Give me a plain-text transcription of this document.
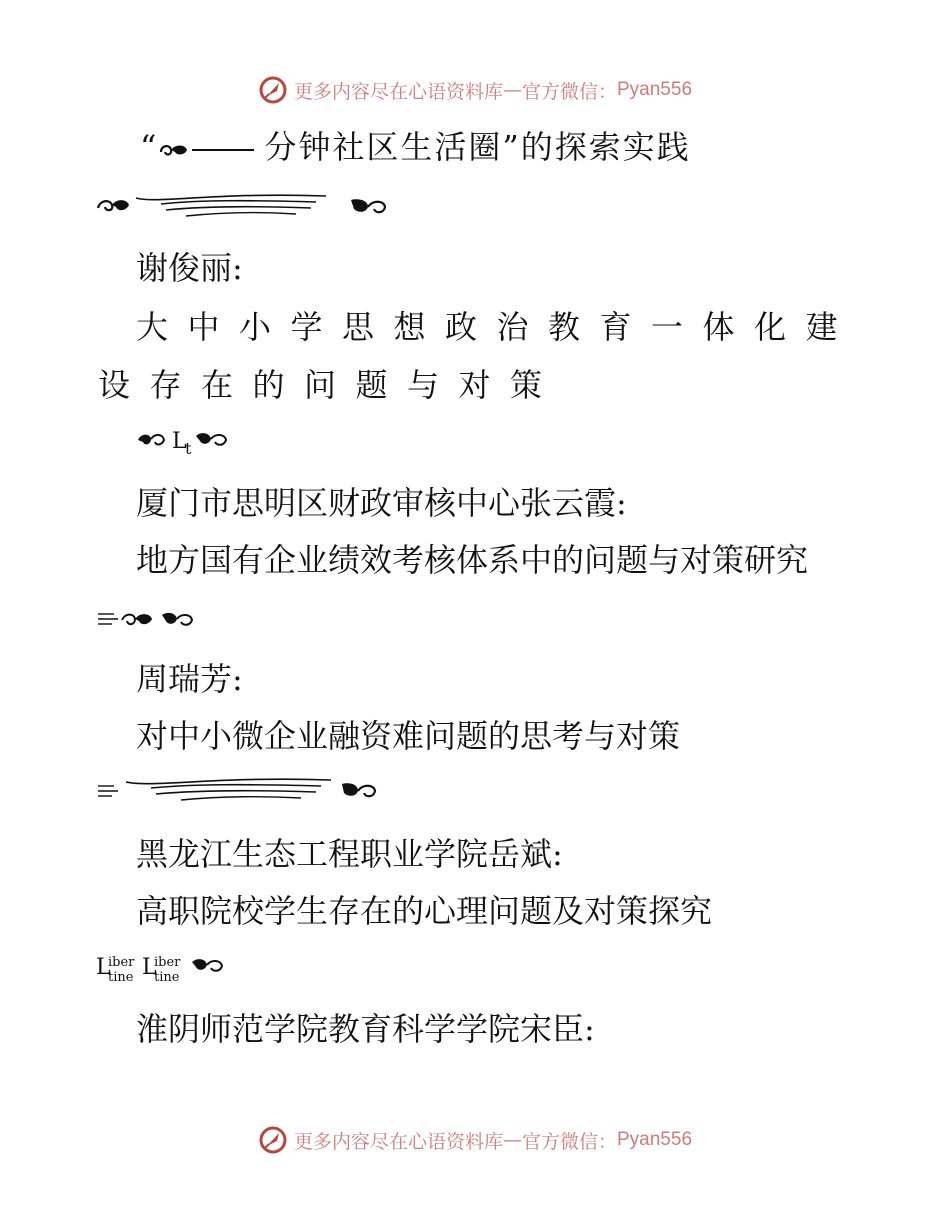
更多内容尽在心语资料库 — 官方微信： Pyan556
“	分钟社区生活圈”的探索实践
谢俊丽:
大中小学思想政治教育一体化建
设存在的问题与对策
L
t
厦门市思明区财政审核中心张云霞:
地方国有企业绩效考核体系中的问题与对策研究
周瑞芳:
对中小微企业融资难问题的思考与对策
黑龙江生态工程职业学院岳斌:
高职院校学生存在的心理问题及对策探究
L
iber
tine L
iber
tine
淮阴师范学院教育科学学院宋臣:
更多内容尽在心语资料库 — 官方微信： Pyan556
